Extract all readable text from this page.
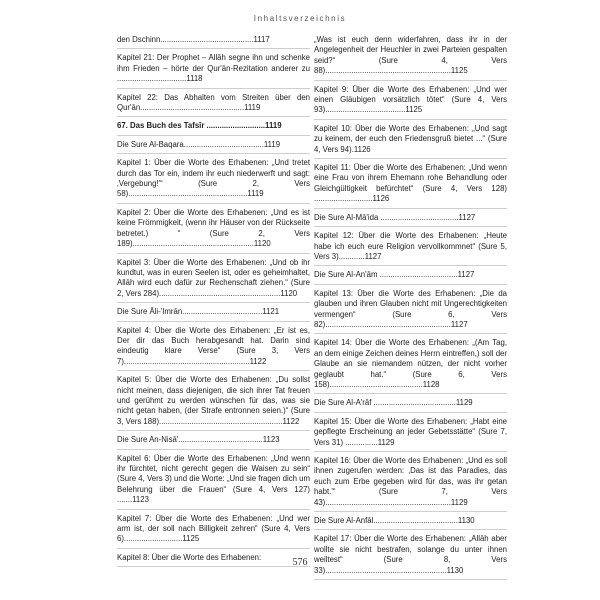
Inhaltsverzeichnis
den Dschinn...........................................1117
Kapitel 21: Der Prophet – Allāh segne ihn und schenke ihm Frieden – hörte der Qur'ān-Rezitation anderer zu ................................1118
Kapitel 22: Das Abhalten vom Streiten über den Qur'ān................................................1119
67. Das Buch des Tafsīr ...........................1119
Die Sure Al-Baqara.....................................1119
Kapitel 1: Über die Worte des Erhabenen: „Und tretet durch das Tor ein, indem ihr euch niederwerft und sagt: ‚Vergebung!'“ (Sure 2, Vers 58).......................................................1119
Kapitel 2: Über die Worte des Erhabenen: „Und es ist keine Frömmigkeit, (wenn ihr Häuser von der Rückseite betretet.) “ (Sure 2, Vers 189)........................................................1120
Kapitel 3: Über die Worte des Erhabenen: „Und ob ihr kundtut, was in euren Seelen ist, oder es geheimhaltet, Allāh wird euch dafür zur Rechenschaft ziehen.“ (Sure 2, Vers 284)........................................................1120
Die Sure Āli-'Imrān.....................................1121
Kapitel 4: Über die Worte des Erhabenen: „Er ist es, Der dir das Buch herabgesandt hat. Darin sind eindeutig klare Verse“ (Sure 3, Vers 7)..........................................................1122
Kapitel 5: Über die Worte des Erhabenen: „Du sollst nicht meinen, dass diejenigen, die sich ihrer Tat freuen und gerühmt zu werden wünschen für das, was sie nicht getan haben, (der Strafe entronnen seien.)“ (Sure 3, Vers 188).........................................................1122
Die Sure An-Nisā'.......................................1123
Kapitel 6: Über die Worte des Erhabenen: „Und wenn ihr fürchtet, nicht gerecht gegen die Waisen zu sein“ (Sure 4, Vers 3) und die Worte: „Und sie fragen dich um Belehrung über die Frauen“ (Sure 4, Vers 127) .......1123
Kapitel 7: Über die Worte des Erhabenen: „Und wer arm ist, der soll nach Billigkeit zehren“ (Sure 4, Vers 6)...........................1125
Kapitel 8: Über die Worte des Erhabenen:
„Was ist euch denn widerfahren, dass ihr in der Angelegenheit der Heuchler in zwei Parteien gespalten seid?“ (Sure 4, Vers 88)..........................................................1125
Kapitel 9: Über die Worte des Erhabenen: „Und wer einen Gläubigen vorsätzlich tötet“ (Sure 4, Vers 93).....................................1125
Kapitel 10: Über die Worte des Erhabenen: „Und sagt zu keinem, der euch den Friedensgruß bietet ...“ (Sure 4, Vers 94).1126
Kapitel 11: Über die Worte des Erhabenen: „Und wenn eine Frau von ihrem Ehemann rohe Behandlung oder Gleichgültigkeit befürchtet“ (Sure 4, Vers 128) ...........................1126
Die Sure Al-Mā'ida ....................................1127
Kapitel 12: Über die Worte des Erhabenen: „Heute habe ich euch eure Religion vervollkommnet“ (Sure 5, Vers 3)............1127
Die Sure Al-An'ām ....................................1127
Kapitel 13: Über die Worte des Erhabenen: „Die da glauben und ihren Glauben nicht mit Ungerechtigkeiten vermengen“ (Sure 6, Vers 82)..........................................................1127
Kapitel 14: Über die Worte des Erhabenen: „(Am Tag, an dem einige Zeichen deines Herrn eintreffen,) soll der Glaube an sie niemandem nützen, der nicht vorher geglaubt hat.“ (Sure 6, Vers 158)...........................................1128
Die Sure Al-A'rāf ......................................1129
Kapitel 15: Über die Worte des Erhabenen: „Habt eine gepflegte Erscheinung an jeder Gebetsstätte“ (Sure 7, Vers 31) ...............1129
Kapitel 16: Über die Worte des Erhabenen: „Und es soll ihnen zugerufen werden: ‚Das ist das Paradies, das euch zum Erbe gegeben wird für das, was ihr getan habt.'“ (Sure 7, Vers 43)..........................................................1129
Die Sure Al-Anfāl.......................................1130
Kapitel 17: Über die Worte des Erhabenen: „Allāh aber wollte sie nicht bestrafen, solange du unter ihnen weiltest“ (Sure 8, Vers 33)........................................................1130
576
